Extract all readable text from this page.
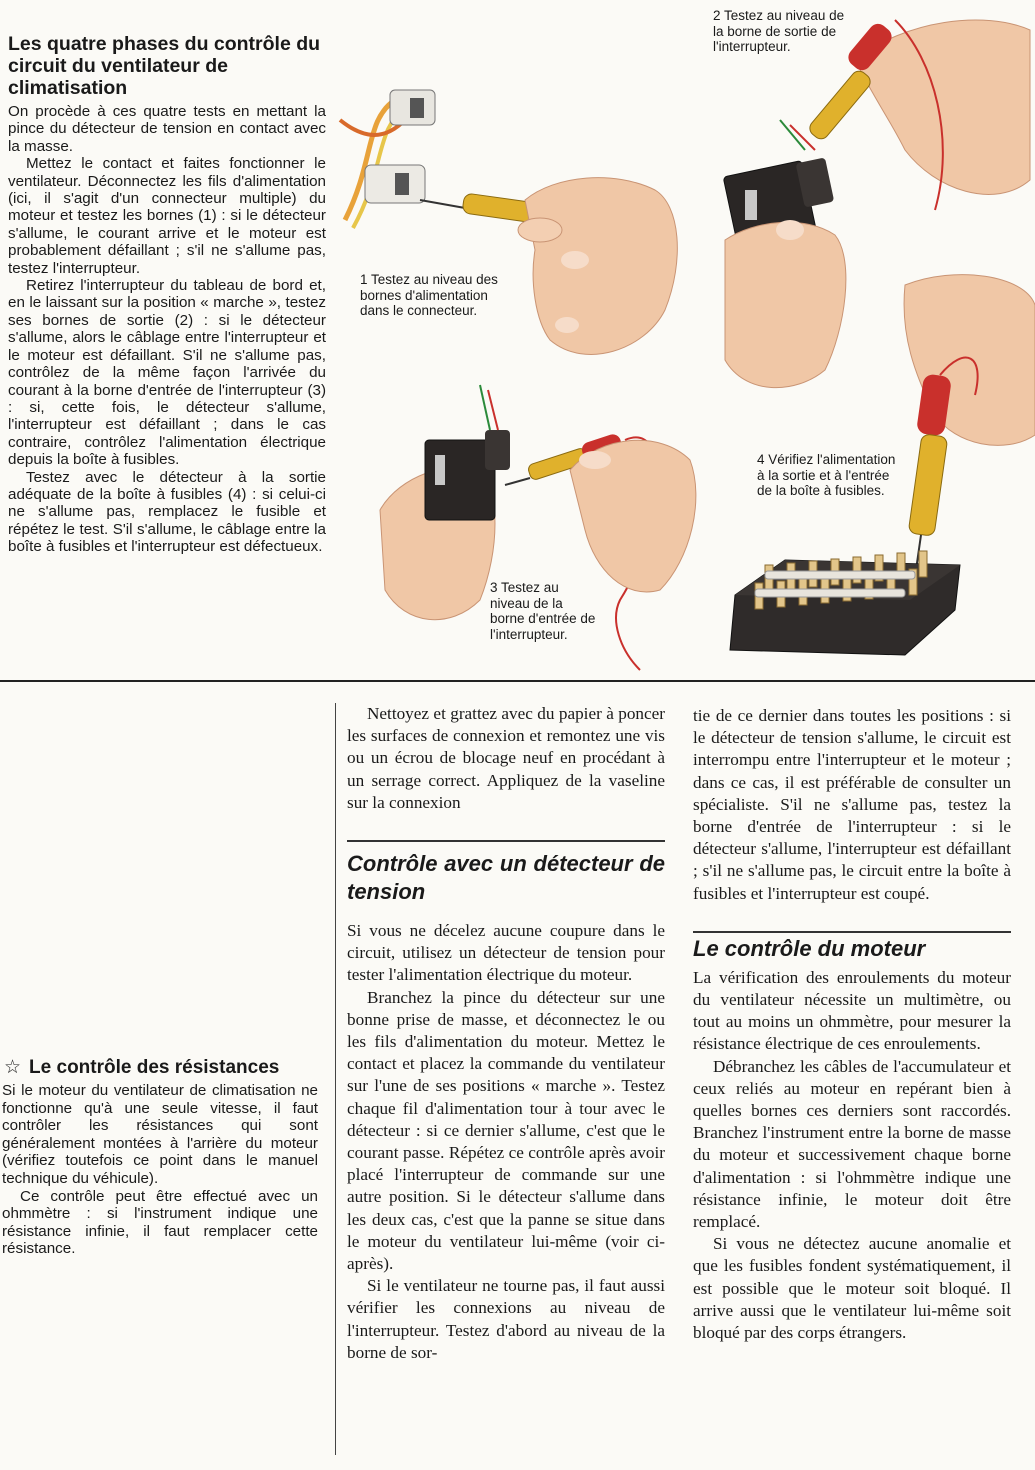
Les quatre phases du contrôle du circuit du ventilateur de climatisation

On procède à ces quatre tests en mettant la pince du détecteur de tension en contact avec la masse.

Mettez le contact et faites fonctionner le ventilateur. Déconnectez les fils d'alimentation (ici, il s'agit d'un connecteur multiple) du moteur et testez les bornes (1) : si le détecteur s'allume, le courant arrive et le moteur est probablement défaillant ; s'il ne s'allume pas, testez l'interrupteur.

Retirez l'interrupteur du tableau de bord et, en le laissant sur la position « marche », testez ses bornes de sortie (2) : si le détecteur s'allume, alors le câblage entre l'interrupteur et le moteur est défaillant. S'il ne s'allume pas, contrôlez de la même façon l'arrivée du courant à la borne d'entrée de l'interrupteur (3) : si, cette fois, le détecteur s'allume, l'interrupteur est défaillant ; dans le cas contraire, contrôlez l'alimentation électrique depuis la boîte à fusibles.

Testez avec le détecteur à la sortie adéquate de la boîte à fusibles (4) : si celui-ci ne s'allume pas, remplacez le fusible et répétez le test. S'il s'allume, le câblage entre la boîte à fusibles et l'interrupteur est défectueux.

1 Testez au niveau des bornes d'alimentation dans le connecteur.
2 Testez au niveau de la borne de sortie de l'interrupteur.
3 Testez au niveau de la borne d'entrée de l'interrupteur.
4 Vérifiez l'alimentation à la sortie et à l'entrée de la boîte à fusibles.
☆ Le contrôle des résistances

Si le moteur du ventilateur de climatisation ne fonctionne qu'à une seule vitesse, il faut contrôler les résistances qui sont généralement montées à l'arrière du moteur (vérifiez toutefois ce point dans le manuel technique du véhicule).

Ce contrôle peut être effectué avec un ohmmètre : si l'instrument indique une résistance infinie, il faut remplacer cette résistance.

Nettoyez et grattez avec du papier à poncer les surfaces de connexion et remontez une vis ou un écrou de blocage neuf en procédant à un serrage correct. Appliquez de la vaseline sur la connexion

Contrôle avec un détecteur de tension

Si vous ne décelez aucune coupure dans le circuit, utilisez un détecteur de tension pour tester l'alimentation électrique du moteur.

Branchez la pince du détecteur sur une bonne prise de masse, et déconnectez le ou les fils d'alimentation du moteur. Mettez le contact et placez la commande du ventilateur sur l'une de ses positions « marche ». Testez chaque fil d'alimentation tour à tour avec le détecteur : si ce dernier s'allume, c'est que le courant passe. Répétez ce contrôle après avoir placé l'interrupteur de commande sur une autre position. Si le détecteur s'allume dans les deux cas, c'est que la panne se situe dans le moteur du ventilateur lui-même (voir ci-après).

Si le ventilateur ne tourne pas, il faut aussi vérifier les connexions au niveau de l'interrupteur. Testez d'abord au niveau de la borne de sor-

tie de ce dernier dans toutes les positions : si le détecteur de tension s'allume, le circuit est interrompu entre l'interrupteur et le moteur ; dans ce cas, il est préférable de consulter un spécialiste. S'il ne s'allume pas, testez la borne d'entrée de l'interrupteur : si le détecteur s'allume, l'interrupteur est défaillant ; s'il ne s'allume pas, le circuit entre la boîte à fusibles et l'interrupteur est coupé.

Le contrôle du moteur

La vérification des enroulements du moteur du ventilateur nécessite un multimètre, ou tout au moins un ohmmètre, pour mesurer la résistance électrique de ces enroulements.

Débranchez les câbles de l'accumulateur et ceux reliés au moteur en repérant bien à quelles bornes ces derniers sont raccordés. Branchez l'instrument entre la borne de masse du moteur et successivement chaque borne d'alimentation : si l'ohmmètre indique une résistance infinie, le moteur doit être remplacé.

Si vous ne détectez aucune anomalie et que les fusibles fondent systématiquement, il est possible que le moteur soit bloqué. Il arrive aussi que le ventilateur lui-même soit bloqué par des corps étrangers.
